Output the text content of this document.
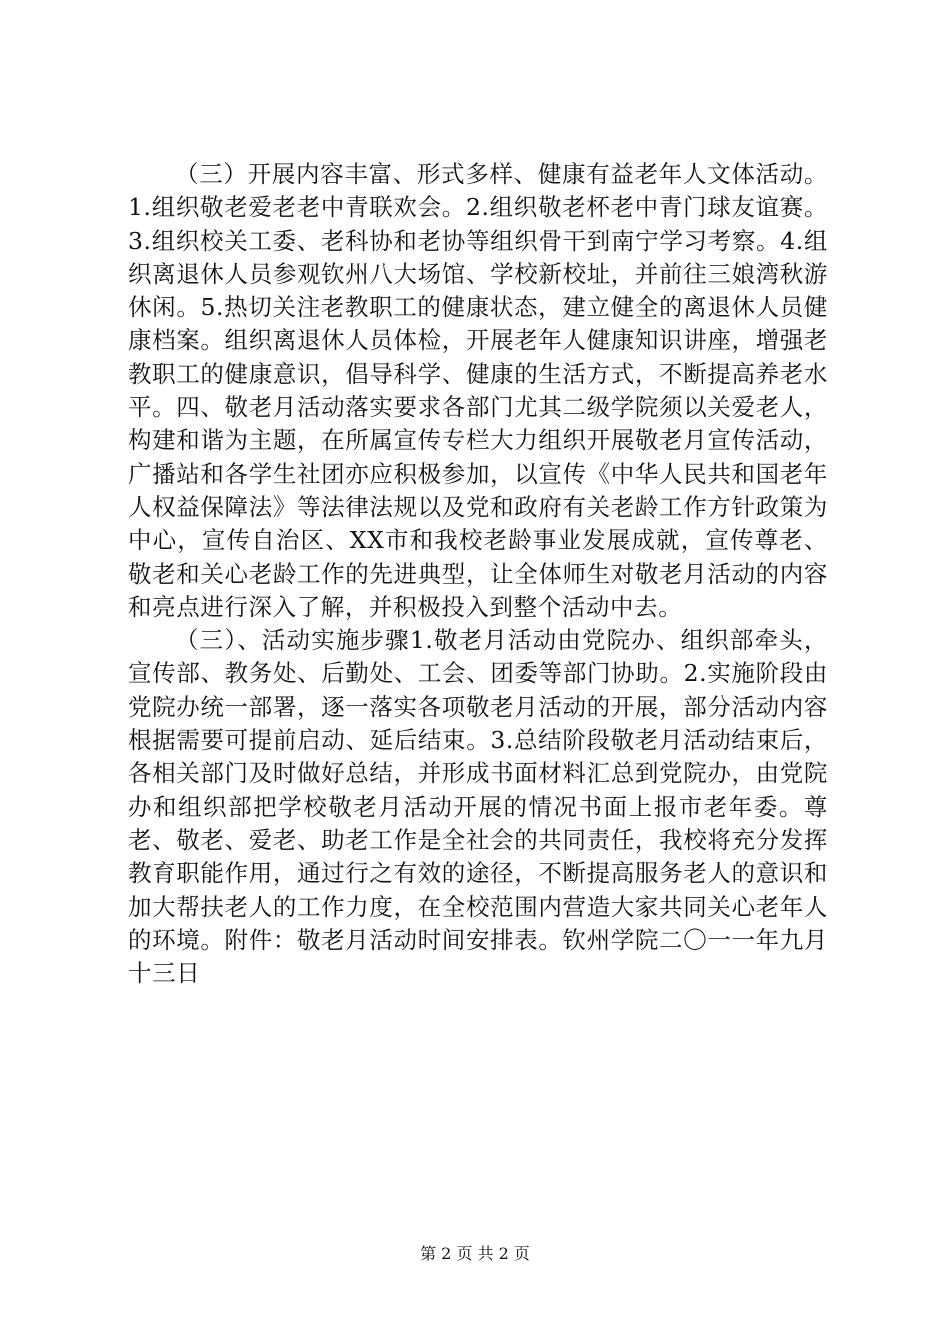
（三）开展内容丰富、形式多样、健康有益老年人文体活动。1.组织敬老爱老老中青联欢会。2.组织敬老杯老中青门球友谊赛。3.组织校关工委、老科协和老协等组织骨干到南宁学习考察。4.组织离退休人员参观钦州八大场馆、学校新校址，并前往三娘湾秋游休闲。5.热切关注老教职工的健康状态，建立健全的离退休人员健康档案。组织离退休人员体检，开展老年人健康知识讲座，增强老教职工的健康意识，倡导科学、健康的生活方式，不断提高养老水平。四、敬老月活动落实要求各部门尤其二级学院须以关爱老人，构建和谐为主题，在所属宣传专栏大力组织开展敬老月宣传活动，广播站和各学生社团亦应积极参加，以宣传《中华人民共和国老年人权益保障法》等法律法规以及党和政府有关老龄工作方针政策为中心，宣传自治区、XX市和我校老龄事业发展成就，宣传尊老、敬老和关心老龄工作的先进典型，让全体师生对敬老月活动的内容和亮点进行深入了解，并积极投入到整个活动中去。

（三）、活动实施步骤1.敬老月活动由党院办、组织部牵头，宣传部、教务处、后勤处、工会、团委等部门协助。2.实施阶段由党院办统一部署，逐一落实各项敬老月活动的开展，部分活动内容根据需要可提前启动、延后结束。3.总结阶段敬老月活动结束后，各相关部门及时做好总结，并形成书面材料汇总到党院办，由党院办和组织部把学校敬老月活动开展的情况书面上报市老年委。尊老、敬老、爱老、助老工作是全社会的共同责任，我校将充分发挥教育职能作用，通过行之有效的途径，不断提高服务老人的意识和加大帮扶老人的工作力度，在全校范围内营造大家共同关心老年人的环境。附件：敬老月活动时间安排表。钦州学院二〇一一年九月十三日

第 2 页 共 2 页
